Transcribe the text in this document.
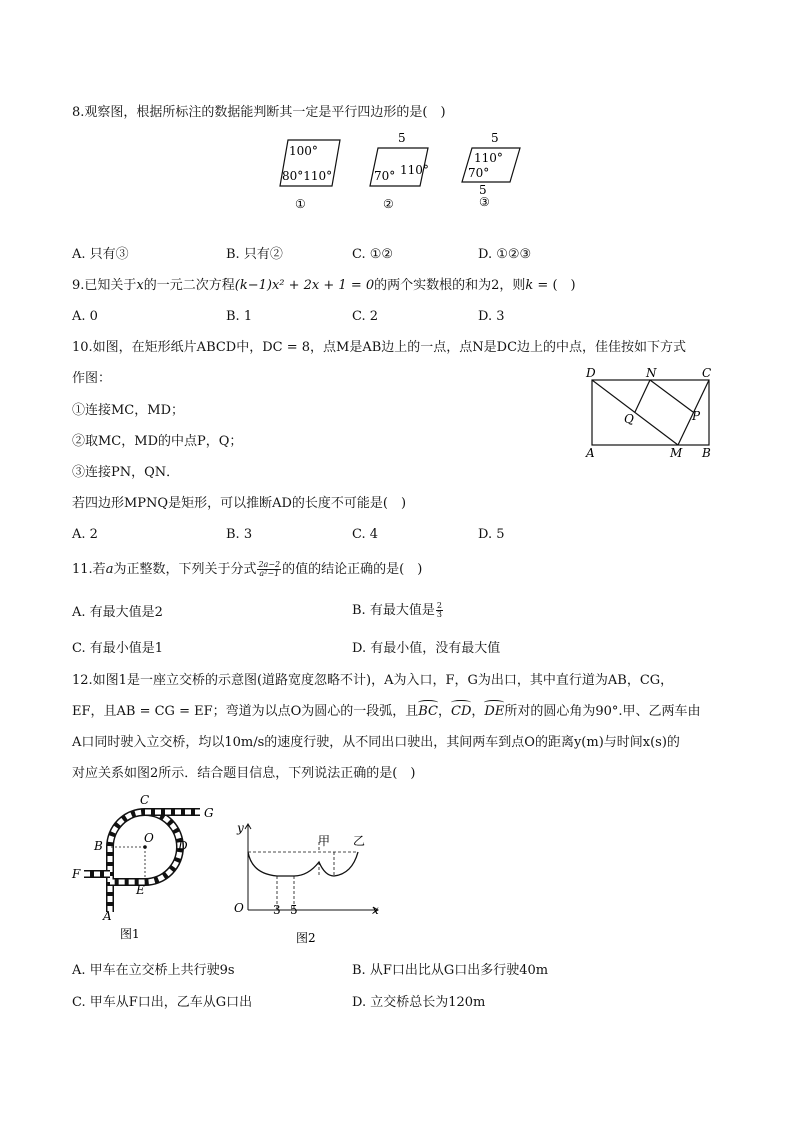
8.观察图，根据所标注的数据能判断其一定是平行四边形的是(　)
100°
80°110°
①
5
70° 110°
②
5
110°
70°
5
③
A. 只有③	B. 只有②	C. ①②	D. ①②③
9.已知关于x的一元二次方程(k−1)x² + 2x + 1 = 0的两个实数根的和为2，则k = (　)
A. 0	B. 1	C. 2	D. 3
10.如图，在矩形纸片ABCD中，DC = 8，点M是AB边上的一点，点N是DC边上的中点，佳佳按如下方式
作图：
①连接MC，MD；
②取MC，MD的中点P，Q；
③连接PN，QN．
若四边形MPNQ是矩形，可以推断AD的长度不可能是(　)
D	N	C
Q	P
A	M B
A. 2	B. 3	C. 4	D. 5
11.若a为正整数，下列关于分式 $\frac{2a-2}{\text{a²−1}}$ 的值的结论正确的是(　)
A. 有最大值是2	B. 有最大值是 $\frac{2}{3}$
C. 有最小值是1	D. 有最小值，没有最大值
12.如图1是一座立交桥的示意图(道路宽度忽略不计)，A为入口，F，G为出口，其中直行道为AB，CG，
EF，且AB = CG = EF；弯道为以点O为圆心的一段弧，且BC，CD，DE所对的圆心角为90°.甲、乙两车由
A口同时驶入立交桥，均以10m/s的速度行驶，从不同出口驶出，其间两车到点O的距离y(m)与时间x(s)的
对应关系如图2所示．结合题目信息，下列说法正确的是(　)
C
G
B
O
D
F
E
A
图1
y
甲 乙
O 3 5	x
图2
A. 甲车在立交桥上共行驶9s	B. 从F口出比从G口出多行驶40m
C. 甲车从F口出，乙车从G口出	D. 立交桥总长为120m
